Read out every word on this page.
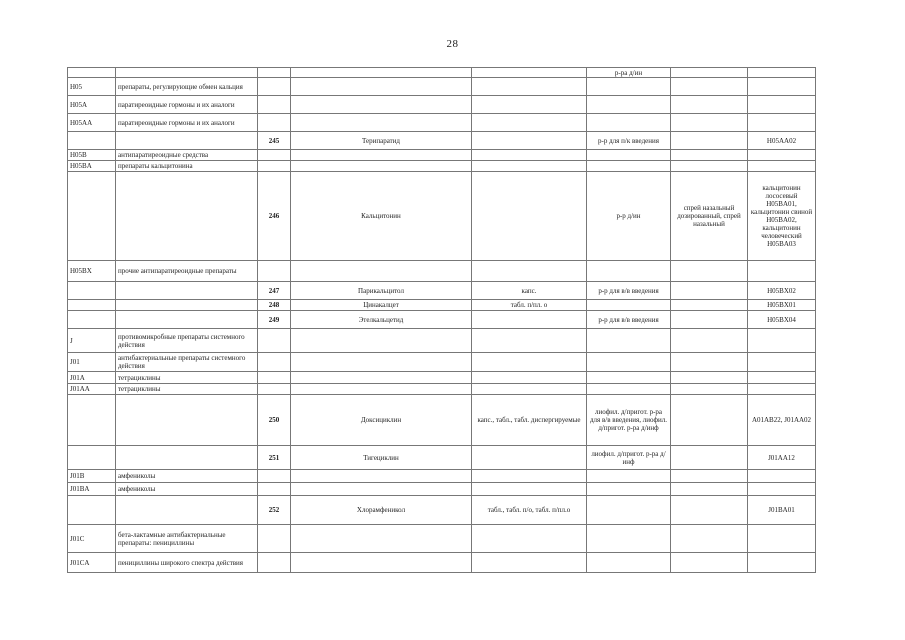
28
					р-ра д/ин		
H05	препараты, регулирующие обмен кальция						
H05A	паратиреоидные гормоны и их аналоги						
H05AA	паратиреоидные гормоны и их аналоги						
		245	Терипаратид		р-р для п/к введения		H05AA02
H05B	антипаратиреоидные средства						
H05BA	препараты кальцитонина						
		246	Кальцитонин		р-р д/ин	спрей назальный дозированный, спрей назальный	кальцитонин лососевый H05BA01, кальцитонин свиной H05BA02, кальцитонин человеческий H05BA03
H05BX	прочие антипаратиреоидные препараты						
		247	Парикальцитол	капс.	р-р для в/в введения		H05BX02
		248	Цинакалцет	табл. п/пл. о			H05BX01
		249	Этелкальцетид		р-р для в/в введения		H05BX04
J	противомикробные препараты системного действия						
J01	антибактериальные препараты системного действия						
J01A	тетрациклины						
J01AA	тетрациклины						
		250	Доксициклин	капс., табл., табл. диспергируемые	лиофил. д/пригот. р-ра для в/в введения, лиофил. д/пригот. р-ра д/инф		A01AB22, J01AA02
		251	Тигециклин		лиофил. д/пригот. р-ра д/инф		J01AA12
J01B	амфениколы						
J01BA	амфениколы						
		252	Хлорамфеникол	табл., табл. п/о, табл. п/пл.о			J01BA01
J01C	бета-лактамные антибактериальные препараты: пенициллины						
J01CA	пенициллины широкого спектра действия						
